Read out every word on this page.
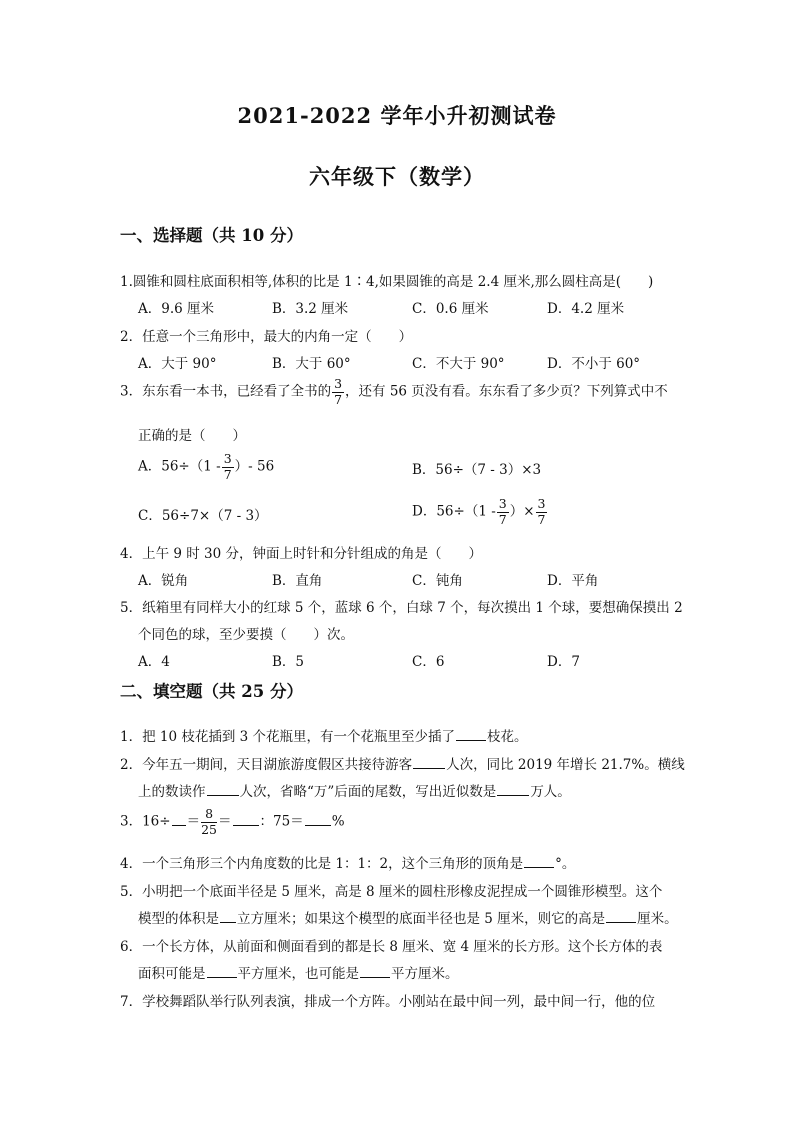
2021-2022 学年小升初测试卷
六年级下（数学）
一、选择题（共 10 分）
1.圆锥和圆柱底面积相等,体积的比是 1∶4,如果圆锥的高是 2.4 厘米,那么圆柱高是(　　)
A．9.6 厘米	B．3.2 厘米	C．0.6 厘米	D．4.2 厘米
2．任意一个三角形中，最大的内角一定（　　）
A．大于 90°	B．大于 60°	C．不大于 90°	D．不小于 60°
3．东东看一本书，已经看了全书的 $\frac{3}{7}$ ，还有 56 页没有看。东东看了多少页？下列算式中不
正确的是（　　）
A．$56\div(1 - \frac{3}{7}$ ）- 56	B．56÷（7 - 3）×3
C．56÷7×（7 - 3）	D．$56\div(1 - \frac{3}{7}$ ）× $\frac{3}{7}$
4．上午 9 时 30 分，钟面上时针和分针组成的角是（　　）
A．锐角	B．直角	C．钝角	D．平角
5．纸箱里有同样大小的红球 5 个，蓝球 6 个，白球 7 个，每次摸出 1 个球，要想确保摸出 2
个同色的球，至少要摸（　　）次。
A．4	B．5	C．6	D．7
二、填空题（共 25 分）
1．把 10 枝花插到 3 个花瓶里，有一个花瓶里至少插了 枝花。
2．今年五一期间，天目湖旅游度假区共接待游客	人次，同比 2019 年增长 21.7%。横线
上的数读作	人次，省略“万”后面的尾数，写出近似数是	万人。
3．$16\div = \frac{8}{25}$ ＝ ：75＝ %
4．一个三角形三个内角度数的比是 1：1：2，这个三角形的顶角是 °。
5．小明把一个底面半径是 5 厘米，高是 8 厘米的圆柱形橡皮泥捏成一个圆锥形模型。这个
模型的体积是 立方厘米；如果这个模型的底面半径也是 5 厘米，则它的高是 厘米。
6．一个长方体，从前面和侧面看到的都是长 8 厘米、宽 4 厘米的长方形。这个长方体的表
面积可能是 平方厘米，也可能是 平方厘米。
7．学校舞蹈队举行队列表演，排成一个方阵。小刚站在最中间一列，最中间一行，他的位
